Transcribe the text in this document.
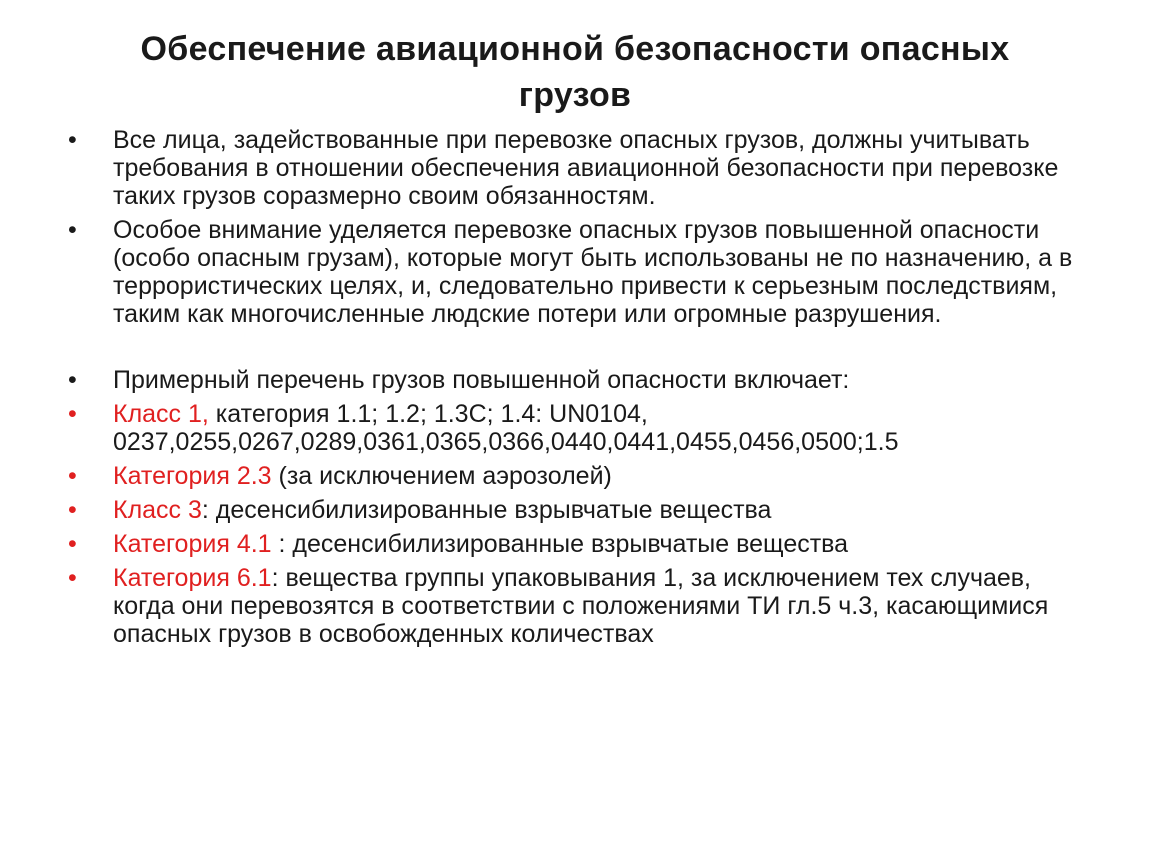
Обеспечение авиационной безопасности опасных
грузов
•	Все лица, задействованные при перевозке опасных грузов, должны учитывать требования в отношении обеспечения авиационной безопасности при перевозке таких грузов соразмерно своим обязанностям.
•	Особое внимание уделяется перевозке опасных грузов повышенной опасности (особо опасным грузам), которые могут быть использованы не по назначению, а в террористических целях, и, следовательно привести к серьезным последствиям, таким как многочисленные людские потери или огромные разрушения.
•	Примерный перечень грузов повышенной опасности включает:
•	Класс 1, категория 1.1; 1.2; 1.3С; 1.4: UN0104,
0237,0255,0267,0289,0361,0365,0366,0440,0441,0455,0456,0500;1.5
•	Категория 2.3 (за исключением аэрозолей)
•	Класс 3: десенсибилизированные взрывчатые вещества
•	Категория 4.1 : десенсибилизированные взрывчатые вещества
•	Категория 6.1: вещества группы упаковывания 1, за исключением тех случаев, когда они перевозятся в соответствии с положениями ТИ гл.5 ч.3, касающимися опасных грузов в освобожденных количествах
